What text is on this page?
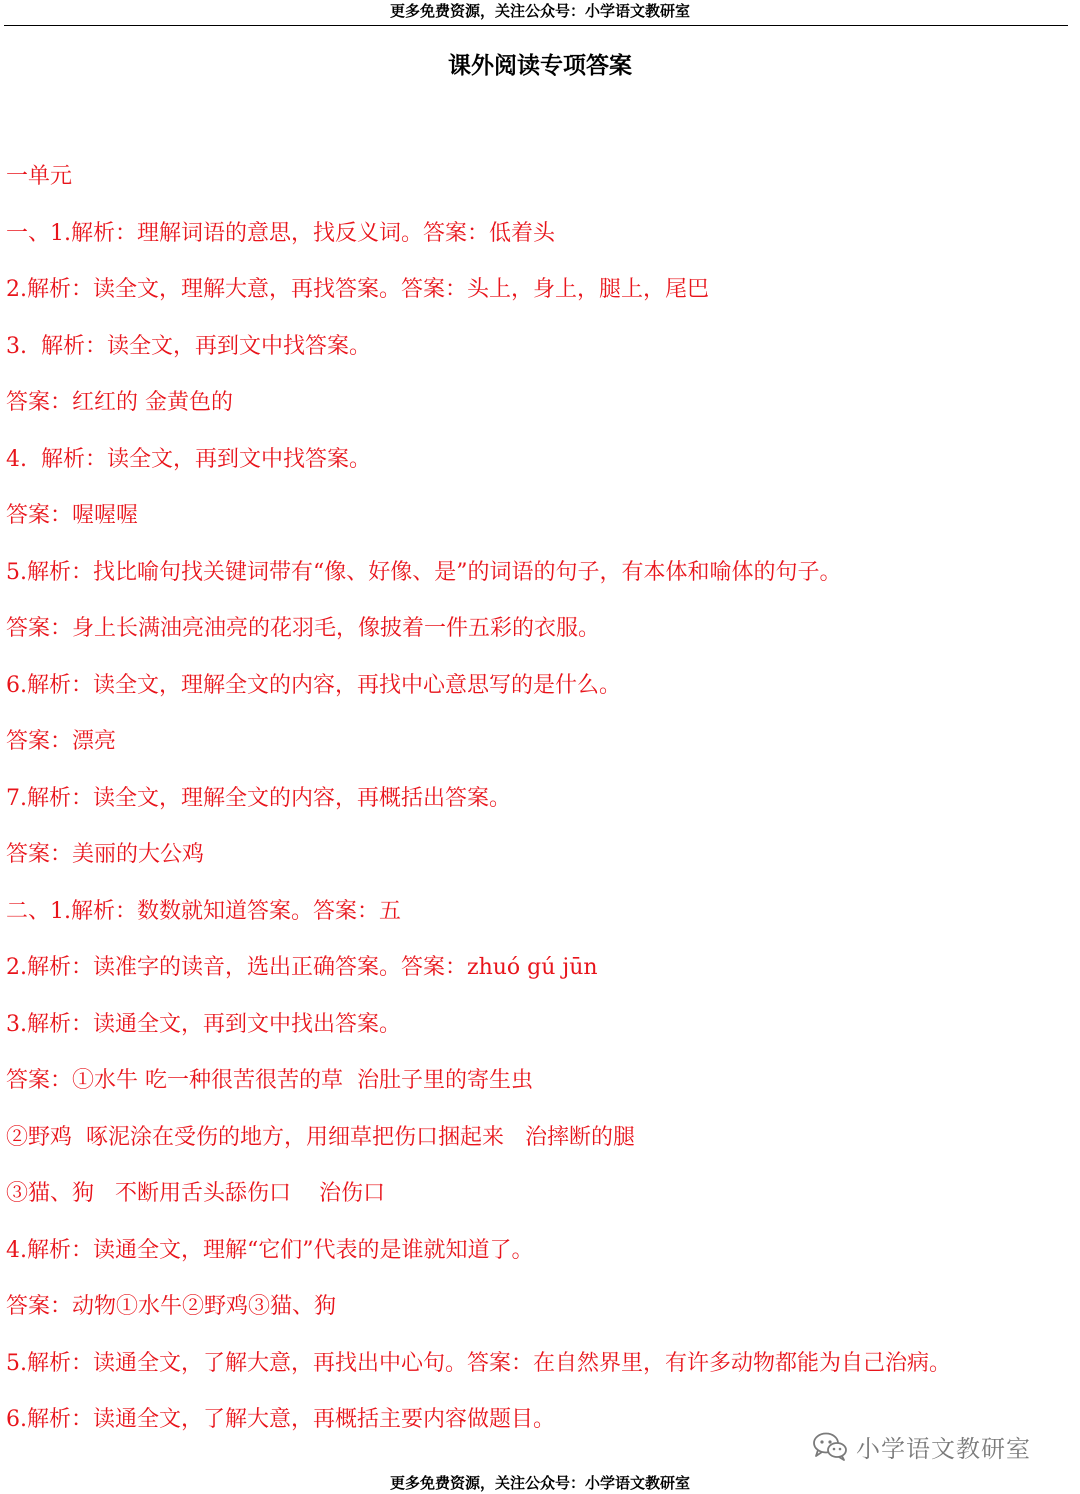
更多免费资源，关注公众号：小学语文教研室
课外阅读专项答案
一单元
一、1.解析：理解词语的意思，找反义词。答案：低着头
2.解析：读全文，理解大意，再找答案。答案：头上，身上，腿上，尾巴
3.  解析：读全文，再到文中找答案。
答案：红红的 金黄色的
4.  解析：读全文，再到文中找答案。
答案：喔喔喔
5.解析：找比喻句找关键词带有“像、好像、是”的词语的句子，有本体和喻体的句子。
答案：身上长满油亮油亮的花羽毛，像披着一件五彩的衣服。
6.解析：读全文，理解全文的内容，再找中心意思写的是什么。
答案：漂亮
7.解析：读全文，理解全文的内容，再概括出答案。
答案：美丽的大公鸡
二、1.解析：数数就知道答案。答案：五
2.解析：读准字的读音，选出正确答案。答案：zhuó gú jūn
3.解析：读通全文，再到文中找出答案。
答案：①水牛 吃一种很苦很苦的草  治肚子里的寄生虫
②野鸡  啄泥涂在受伤的地方，用细草把伤口捆起来   治摔断的腿
③猫、狗   不断用舌头舔伤口    治伤口
4.解析：读通全文，理解“它们”代表的是谁就知道了。
答案：动物①水牛②野鸡③猫、狗
5.解析：读通全文，了解大意，再找出中心句。答案：在自然界里，有许多动物都能为自己治病。
6.解析：读通全文，了解大意，再概括主要内容做题目。
小学语文教研室
更多免费资源，关注公众号：小学语文教研室
